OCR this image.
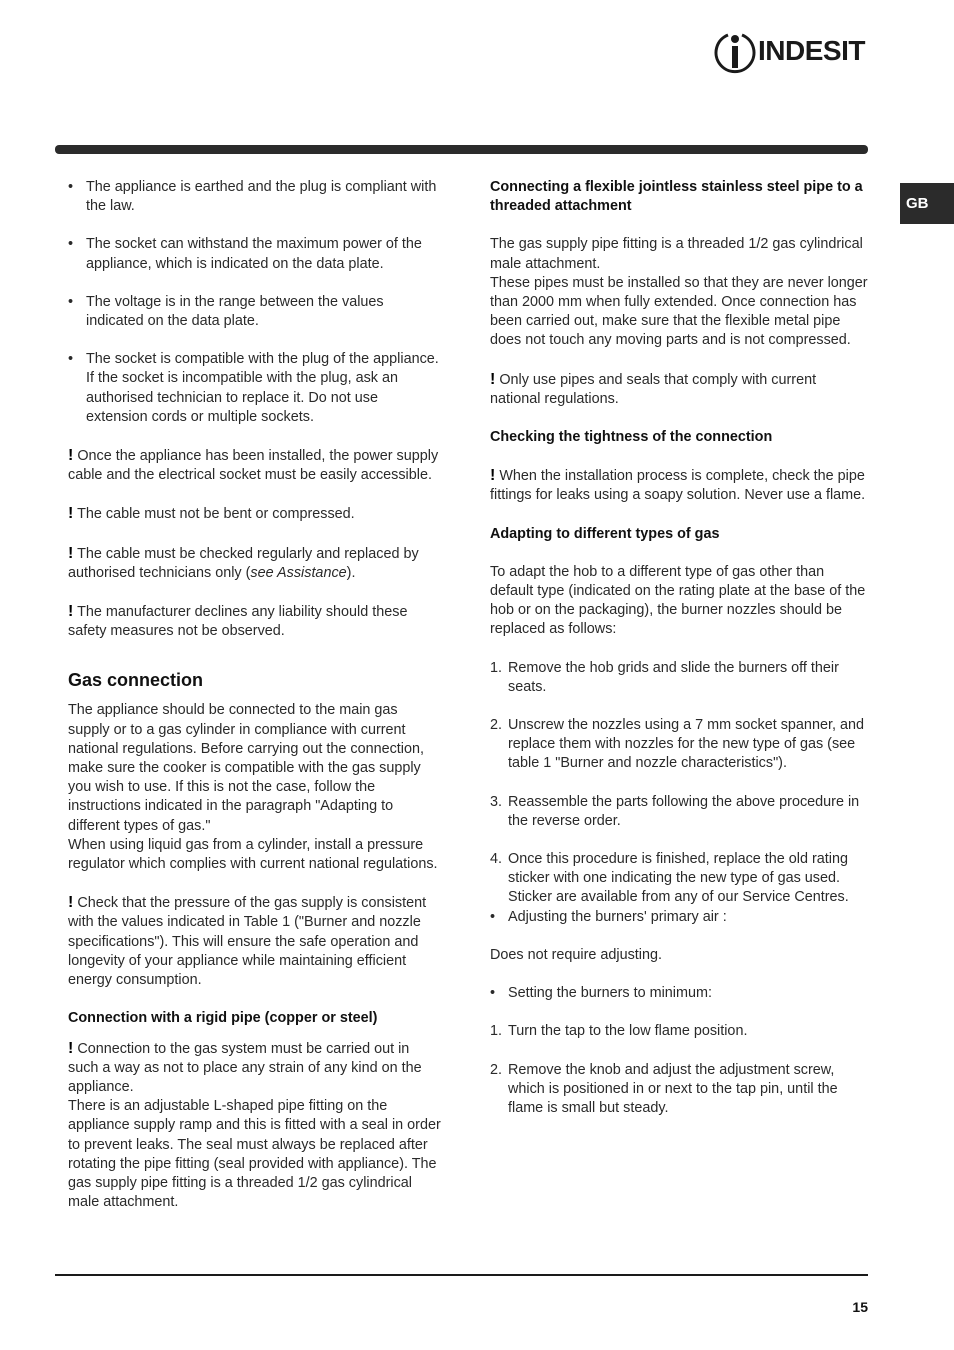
INDESIT
GB
• The appliance is earthed and the plug is compliant with the law.
• The socket can withstand the maximum power of the appliance, which is indicated on the data plate.
• The voltage is in the range between the values indicated on the data plate.
• The socket is compatible with the plug of the appliance. If the socket is incompatible with the plug, ask an authorised technician to replace it. Do not use extension cords or multiple sockets.

! Once the appliance has been installed, the power supply cable and the electrical socket must be easily accessible.

! The cable must not be bent or compressed.

! The cable must be checked regularly and replaced by authorised technicians only (see Assistance).

! The manufacturer declines any liability should these safety measures not be observed.

Gas connection

The appliance should be connected to the main gas supply or to a gas cylinder in compliance with current national regulations. Before carrying out the connection, make sure the cooker is compatible with the gas supply you wish to use. If this is not the case, follow the instructions indicated in the paragraph "Adapting to different types of gas."

When using liquid gas from a cylinder, install a pressure regulator which complies with current national regulations.

! Check that the pressure of the gas supply is consistent with the values indicated in Table 1 ("Burner and nozzle specifications"). This will ensure the safe operation and longevity of your appliance while maintaining efficient energy consumption.

Connection with a rigid pipe (copper or steel)

! Connection to the gas system must be carried out in such a way as not to place any strain of any kind on the appliance.

There is an adjustable L-shaped pipe fitting on the appliance supply ramp and this is fitted with a seal in order to prevent leaks. The seal must always be replaced after rotating the pipe fitting (seal provided with appliance). The gas supply pipe fitting is a threaded 1/2 gas cylindrical male attachment.

Connecting a flexible jointless stainless steel pipe to a threaded attachment

The gas supply pipe fitting is a threaded 1/2 gas cylindrical male attachment.

These pipes must be installed so that they are never longer than 2000 mm when fully extended. Once connection has been carried out, make sure that the flexible metal pipe does not touch any moving parts and is not compressed.

! Only use pipes and seals that comply with current national regulations.

Checking the tightness of the connection

! When the installation process is complete, check the pipe fittings for leaks using a soapy solution. Never use a flame.

Adapting to different types of gas

To adapt the hob to a different type of gas other than default type (indicated on the rating plate at the base of the hob or on the packaging), the burner nozzles should be replaced as follows:

1. Remove the hob grids and slide the burners off their seats.
2. Unscrew the nozzles using a 7 mm socket spanner, and replace them with nozzles for the new type of gas (see table 1 "Burner and nozzle characteristics").
3. Reassemble the parts following the above procedure in the reverse order.
4. Once this procedure is finished, replace the old rating sticker with one indicating the new type of gas used. Sticker are available from any of our Service Centres.
• Adjusting the burners' primary air :

Does not require adjusting.

• Setting the burners to minimum:
1. Turn the tap to the low flame position.
2. Remove the knob and adjust the adjustment screw, which is positioned in or next to the tap pin, until the flame is small but steady.
15
